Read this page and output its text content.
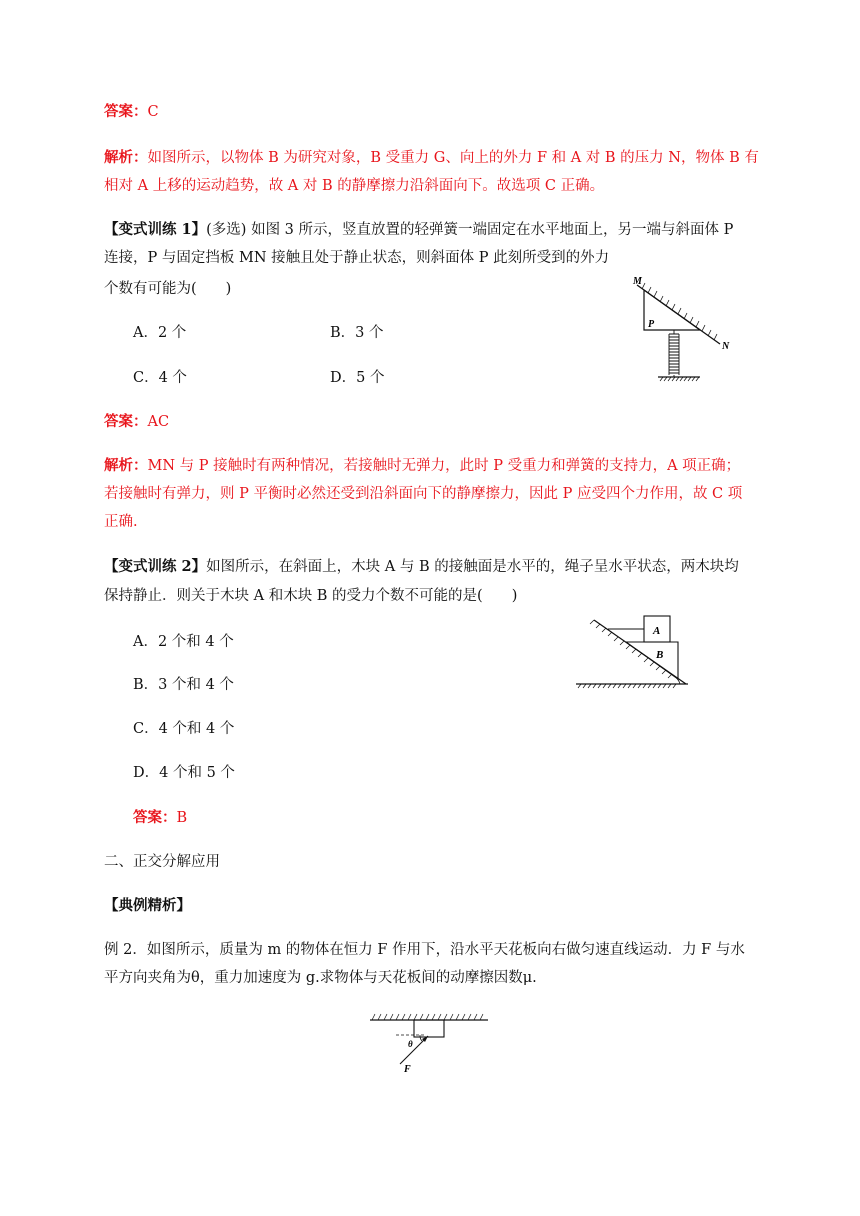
答案：C
解析：如图所示，以物体 B 为研究对象，B 受重力 G、向上的外力 F 和 A 对 B 的压力 N，物体 B 有
相对 A 上移的运动趋势，故 A 对 B 的静摩擦力沿斜面向下。故选项 C 正确。
【变式训练 1】(多选) 如图 3 所示，竖直放置的轻弹簧一端固定在水平地面上，另一端与斜面体 P
连接，P 与固定挡板 MN 接触且处于静止状态，则斜面体 P 此刻所受到的外力
个数有可能为(　　)
A．2 个	B．3 个
C．4 个	D．5 个
P
M
N
答案：AC
解析：MN 与 P 接触时有两种情况，若接触时无弹力，此时 P 受重力和弹簧的支持力，A 项正确；
若接触时有弹力，则 P 平衡时必然还受到沿斜面向下的静摩擦力，因此 P 应受四个力作用，故 C 项
正确.
【变式训练 2】如图所示，在斜面上，木块 A 与 B 的接触面是水平的，绳子呈水平状态，两木块均
保持静止．则关于木块 A 和木块 B 的受力个数不可能的是(　　)
A．2 个和 4 个
B．3 个和 4 个
C．4 个和 4 个
D．4 个和 5 个
B
A
答案：B
二、正交分解应用
【典例精析】
例 2．如图所示，质量为 m 的物体在恒力 F 作用下，沿水平天花板向右做匀速直线运动．力 F 与水
平方向夹角为θ，重力加速度为 g.求物体与天花板间的动摩擦因数μ.
θ
F
